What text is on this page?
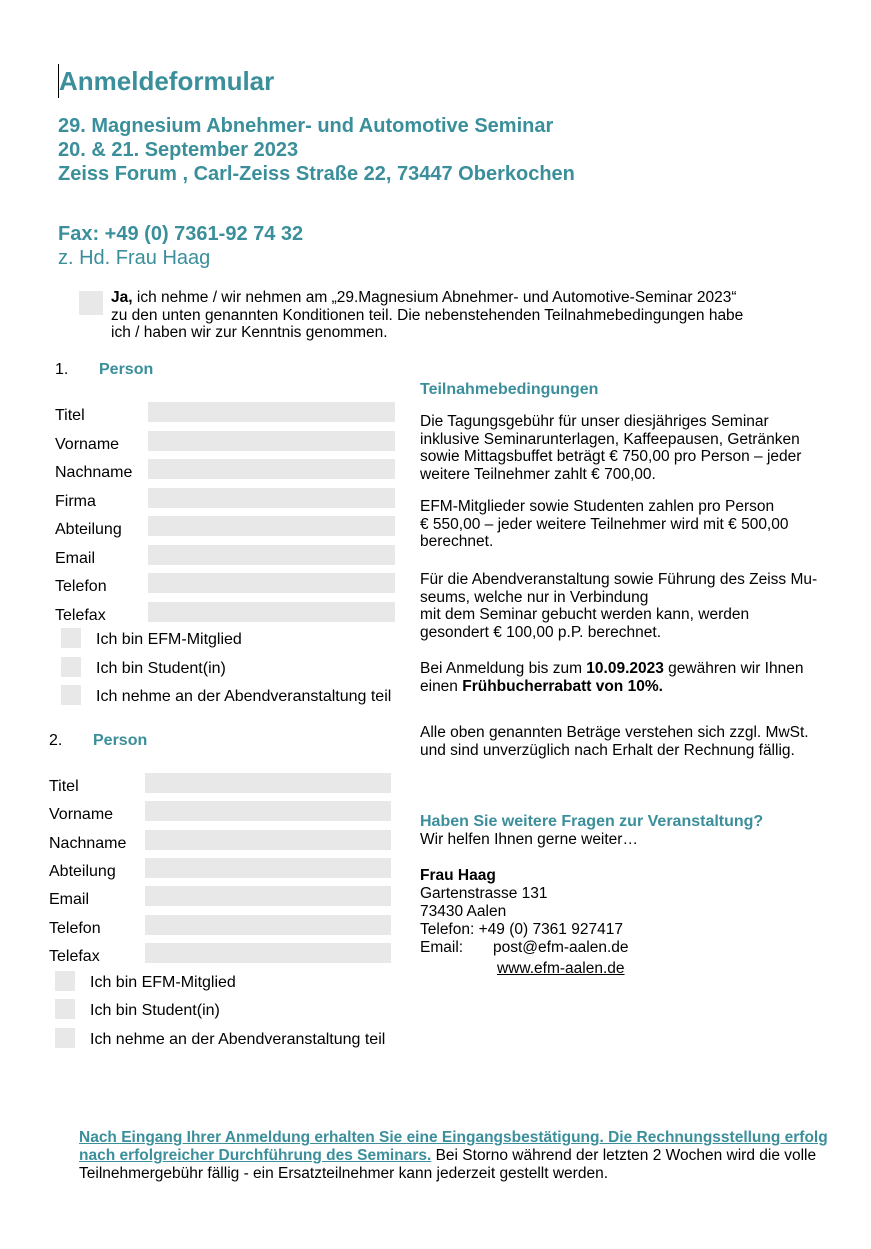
Anmeldeformular
29. Magnesium Abnehmer- und Automotive Seminar
20. & 21. September 2023
Zeiss Forum , Carl-Zeiss Straße 22, 73447 Oberkochen
Fax: +49 (0) 7361-92 74 32
z. Hd. Frau Haag
Ja, ich nehme / wir nehmen am „29.Magnesium Abnehmer- und Automotive-Seminar 2023“
zu den unten genannten Konditionen teil. Die nebenstehenden Teilnahmebedingungen habe
ich / haben wir zur Kenntnis genommen.
1. Person
Titel
Vorname
Nachname
Firma
Abteilung
Email
Telefon
Telefax
Ich bin EFM-Mitglied
Ich bin Student(in)
Ich nehme an der Abendveranstaltung teil
2. Person
Titel
Vorname
Nachname
Abteilung
Email
Telefon
Telefax
Ich bin EFM-Mitglied
Ich bin Student(in)
Ich nehme an der Abendveranstaltung teil
Teilnahmebedingungen
Die Tagungsgebühr für unser diesjähriges Seminar
inklusive Seminarunterlagen, Kaffeepausen, Getränken
sowie Mittagsbuffet beträgt € 750,00 pro Person – jeder
weitere Teilnehmer zahlt € 700,00.
EFM-Mitglieder sowie Studenten zahlen pro Person
€ 550,00 – jeder weitere Teilnehmer wird mit € 500,00
berechnet.
Für die Abendveranstaltung sowie Führung des Zeiss Mu-
seums, welche nur in Verbindung
mit dem Seminar gebucht werden kann, werden
gesondert € 100,00 p.P. berechnet.
Bei Anmeldung bis zum 10.09.2023 gewähren wir Ihnen
einen Frühbucherrabatt von 10%.
Alle oben genannten Beträge verstehen sich zzgl. MwSt.
und sind unverzüglich nach Erhalt der Rechnung fällig.
Haben Sie weitere Fragen zur Veranstaltung?
Wir helfen Ihnen gerne weiter…
Frau Haag
Gartenstrasse 131
73430 Aalen
Telefon: +49 (0) 7361 927417
Email: post@efm-aalen.de
www.efm-aalen.de
Nach Eingang Ihrer Anmeldung erhalten Sie eine Eingangsbestätigung. Die Rechnungsstellung erfolg nach erfolgreicher Durchführung des Seminars. Bei Storno während der letzten 2 Wochen wird die volle Teilnehmergebühr fällig - ein Ersatzteilnehmer kann jederzeit gestellt werden.
